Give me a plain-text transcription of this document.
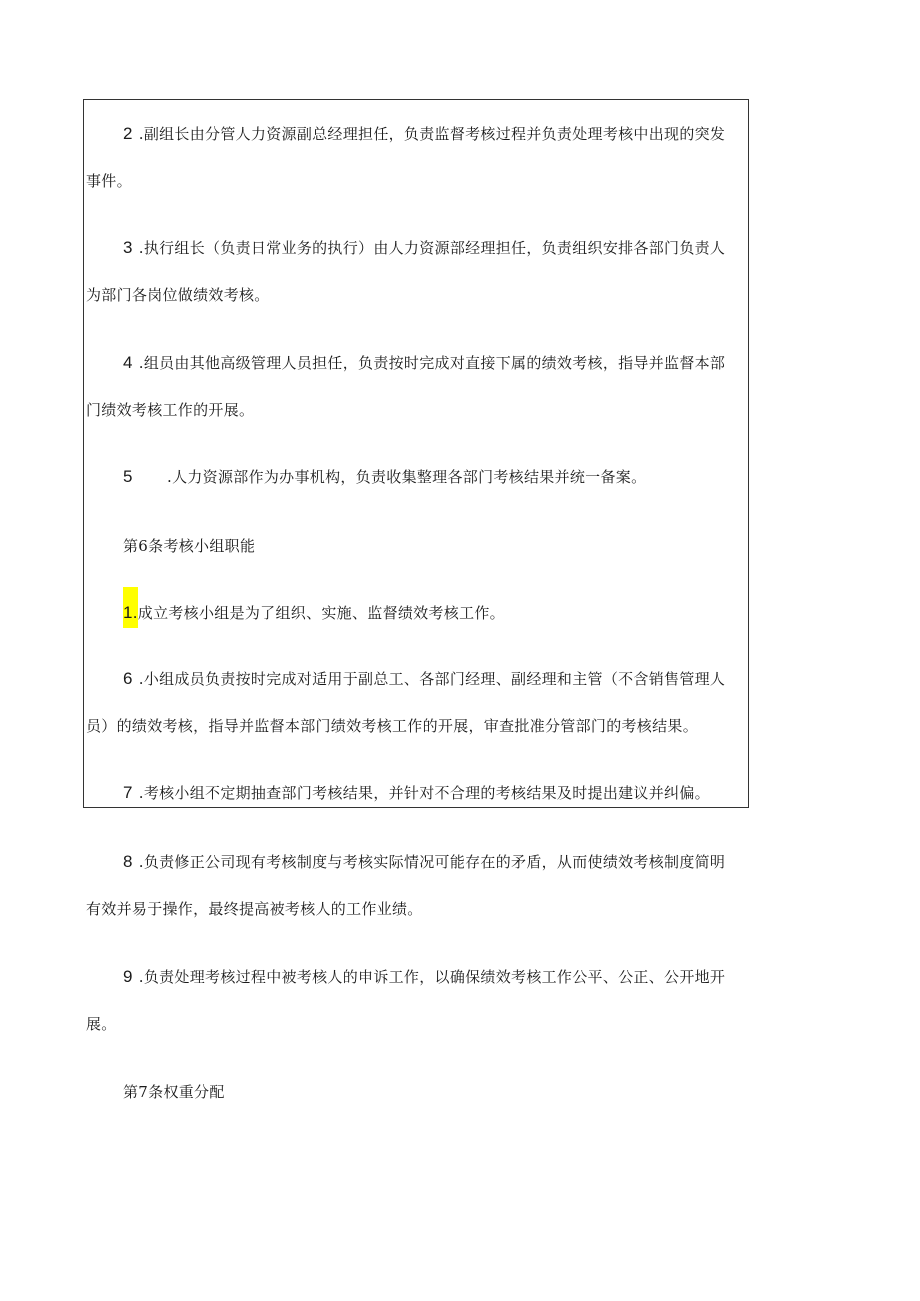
2 .副组长由分管人力资源副总经理担任，负责监督考核过程并负责处理考核中出现的突发
事件。
3 .执行组长（负责日常业务的执行）由人力资源部经理担任，负责组织安排各部门负责人
为部门各岗位做绩效考核。
4 .组员由其他高级管理人员担任，负责按时完成对直接下属的绩效考核，指导并监督本部
门绩效考核工作的开展。
5 .人力资源部作为办事机构，负责收集整理各部门考核结果并统一备案。

第6条考核小组职能

1.成立考核小组是为了组织、实施、监督绩效考核工作。
6 .小组成员负责按时完成对适用于副总工、各部门经理、副经理和主管（不含销售管理人
员）的绩效考核，指导并监督本部门绩效考核工作的开展，审查批准分管部门的考核结果。
7 .考核小组不定期抽查部门考核结果，并针对不合理的考核结果及时提出建议并纠偏。
8 .负责修正公司现有考核制度与考核实际情况可能存在的矛盾，从而使绩效考核制度简明
有效并易于操作，最终提高被考核人的工作业绩。
9 .负责处理考核过程中被考核人的申诉工作，以确保绩效考核工作公平、公正、公开地开
展。

第7条权重分配
